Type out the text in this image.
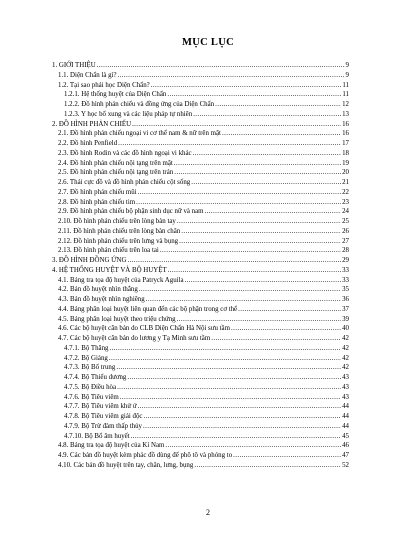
MỤC LỤC
1. GIỚI THIỆU .....	9
1.1. Diện Chẩn là gì? .....	9
1.2. Tại sao phải học Diện Chẩn? .....	11
1.2.1. Hệ thống huyệt của Diện Chẩn .....	11
1.2.2. Đồ hình phản chiếu và đồng ứng của Diện Chẩn .....	12
1.2.3. Y học bổ xung và các liệu pháp tự nhiên .....	13
2. ĐỒ HÌNH PHẢN CHIẾU .....	16
2.1. Đồ hình phản chiếu ngoại vi cơ thể nam & nữ trên mặt .....	16
2.2. Đồ hình Penfield .....	17
2.3. Đồ hình Rodin và các đồ hình ngoại vi khác .....	18
2.4. Đồ hình phản chiếu nội tạng trên mặt .....	19
2.5. Đồ hình phản chiếu nội tạng trên trán .....	20
2.6. Thái cực đồ và đồ hình phản chiếu cột sống .....	21
2.7. Đồ hình phản chiếu mũi .....	22
2.8. Đồ hình phản chiếu tim .....	23
2.9. Đồ hình phản chiếu bộ phận sinh dục nữ và nam .....	24
2.10. Đồ hình phản chiếu trên lòng bàn tay .....	25
2.11. Đồ hình phản chiếu trên lòng bàn chân .....	26
2.12. Đồ hình phản chiếu trên lưng và bụng .....	27
2.13. Đồ hình phản chiếu trên loa tai .....	28
3. ĐỒ HÌNH ĐỒNG ỨNG .....	29
4. HỆ THỐNG HUYỆT VÀ BỘ HUYỆT .....	33
4.1. Bảng tra tọa độ huyệt của Patryck Aguila .....	33
4.2. Bản đồ huyệt nhìn thẳng .....	35
4.3. Bản đồ huyệt nhìn nghiêng .....	36
4.4. Bảng phân loại huyệt liên quan đến các bộ phận trong cơ thể .....	37
4.5. Bảng phân loại huyệt theo triệu chứng .....	39
4.6. Các bộ huyệt căn bản do CLB Diện Chẩn Hà Nội sưu tầm .....	40
4.7. Các bộ huyệt căn bản do lương y Tạ Minh sưu tầm .....	42
4.7.1. Bộ Thăng .....	42
4.7.2. Bộ Giáng .....	42
4.7.3. Bộ Bổ trung .....	42
4.7.4. Bộ Thiểu dương .....	43
4.7.5. Bộ Điều hòa .....	43
4.7.6. Bộ Tiêu viêm .....	43
4.7.7. Bộ Tiêu viêm khử ứ .....	44
4.7.8. Bộ Tiêu viêm giải độc .....	44
4.7.9. Bộ Trừ đàm thấp thủy .....	44
4.7.10. Bộ Bổ âm huyết .....	45
4.8. Bảng tra tọa độ huyệt của Kỉ Nam .....	46
4.9. Các bản đồ huyệt kèm phác đồ dùng để phô tô và phóng to .....	47
4.10. Các bản đồ huyệt trên tay, chân, lưng, bụng .....	52
2
